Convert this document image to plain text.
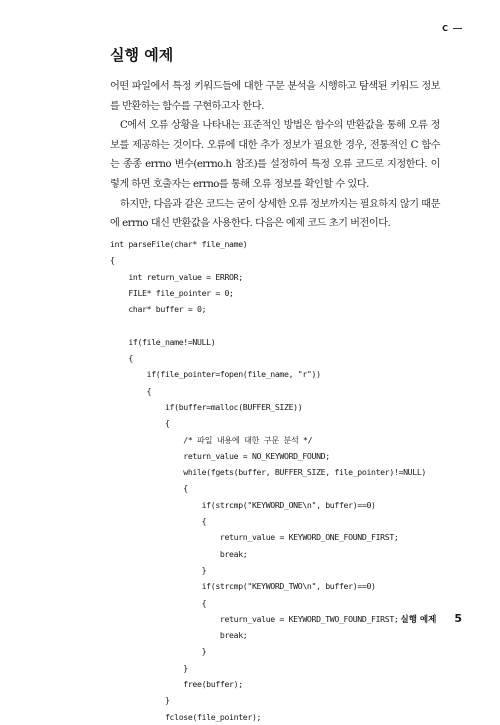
C
실행 예제

어떤 파일에서 특정 키워드들에 대한 구문 분석을 시행하고 탐색된 키워드 정보를 반환하는 함수를 구현하고자 한다.

C에서 오류 상황을 나타내는 표준적인 방법은 함수의 반환값을 통해 오류 정보를 제공하는 것이다. 오류에 대한 추가 정보가 필요한 경우, 전통적인 C 함수는 종종 errno 변수(errno.h 참조)를 설정하여 특정 오류 코드로 지정한다. 이렇게 하면 호출자는 errno를 통해 오류 정보를 확인할 수 있다.

하지만, 다음과 같은 코드는 굳이 상세한 오류 정보까지는 필요하지 않기 때문에 errno 대신 반환값을 사용한다. 다음은 예제 코드 초기 버전이다.

int parseFile(char* file_name)
{
int return_value = ERROR;
FILE* file_pointer = 0;
char* buffer = 0;

if(file_name!=NULL)
{
if(file_pointer=fopen(file_name, "r"))
{
if(buffer=malloc(BUFFER_SIZE))
{
/* 파일 내용에 대한 구문 분석 */
return_value = NO_KEYWORD_FOUND;
while(fgets(buffer, BUFFER_SIZE, file_pointer)!=NULL)
{
if(strcmp("KEYWORD_ONE\n", buffer)==0)
{
return_value = KEYWORD_ONE_FOUND_FIRST;
break;
}
if(strcmp("KEYWORD_TWO\n", buffer)==0)
{
return_value = KEYWORD_TWO_FOUND_FIRST;
break;
}
}
free(buffer);
}
fclose(file_pointer);
실행 예제 5
